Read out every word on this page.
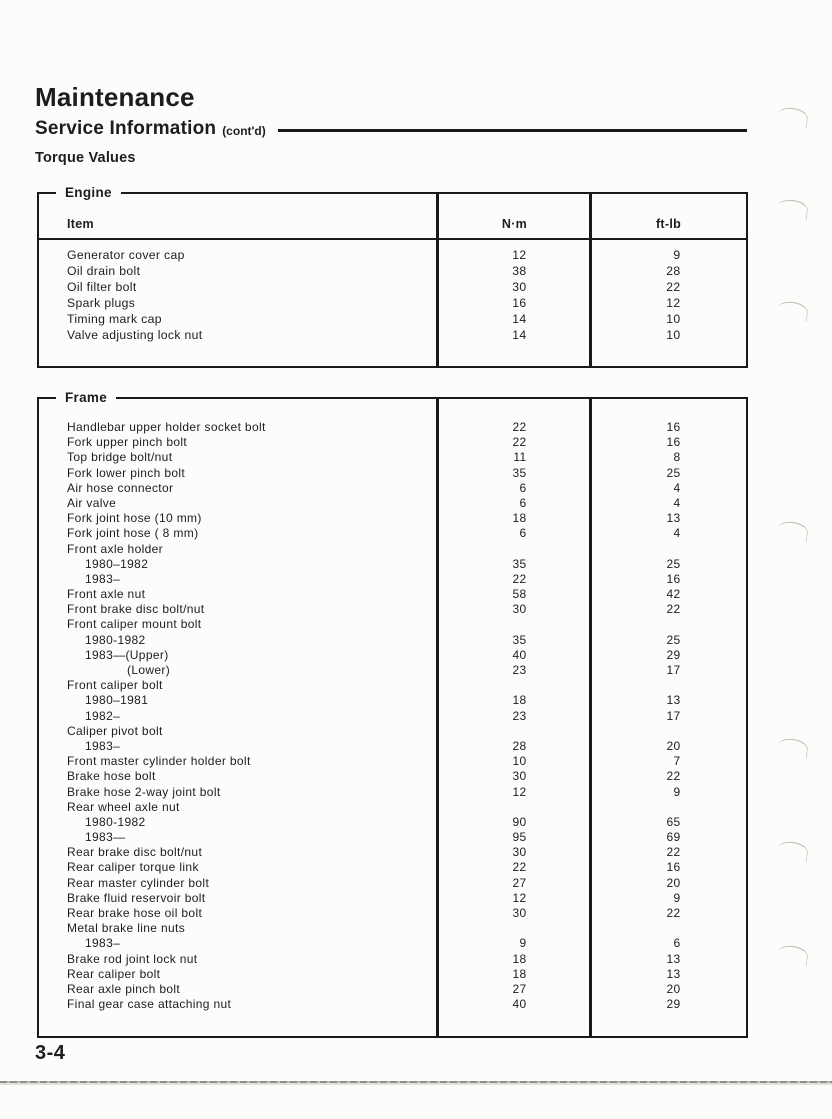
Maintenance
Service Information (cont'd)
Torque Values
Engine
Item	N·m	ft-lb
Generator cover cap	12	9
Oil drain bolt	38	28
Oil filter bolt	30	22
Spark plugs	16	12
Timing mark cap	14	10
Valve adjusting lock nut	14	10
Frame
Handlebar upper holder socket bolt	22	16
Fork upper pinch bolt	22	16
Top bridge bolt/nut	11	8
Fork lower pinch bolt	35	25
Air hose connector	6	4
Air valve	6	4
Fork joint hose (10 mm)	18	13
Fork joint hose ( 8 mm)	6	4
Front axle holder
1980–1982	35	25
1983–	22	16
Front axle nut	58	42
Front brake disc bolt/nut	30	22
Front caliper mount bolt
1980-1982	35	25
1983—(Upper)	40	29
(Lower)	23	17
Front caliper bolt
1980–1981	18	13
1982–	23	17
Caliper pivot bolt
1983–	28	20
Front master cylinder holder bolt	10	7
Brake hose bolt	30	22
Brake hose 2-way joint bolt	12	9
Rear wheel axle nut
1980-1982	90	65
1983—	95	69
Rear brake disc bolt/nut	30	22
Rear caliper torque link	22	16
Rear master cylinder bolt	27	20
Brake fluid reservoir bolt	12	9
Rear brake hose oil bolt	30	22
Metal brake line nuts
1983–	9	6
Brake rod joint lock nut	18	13
Rear caliper bolt	18	13
Rear axle pinch bolt	27	20
Final gear case attaching nut	40	29
3-4
